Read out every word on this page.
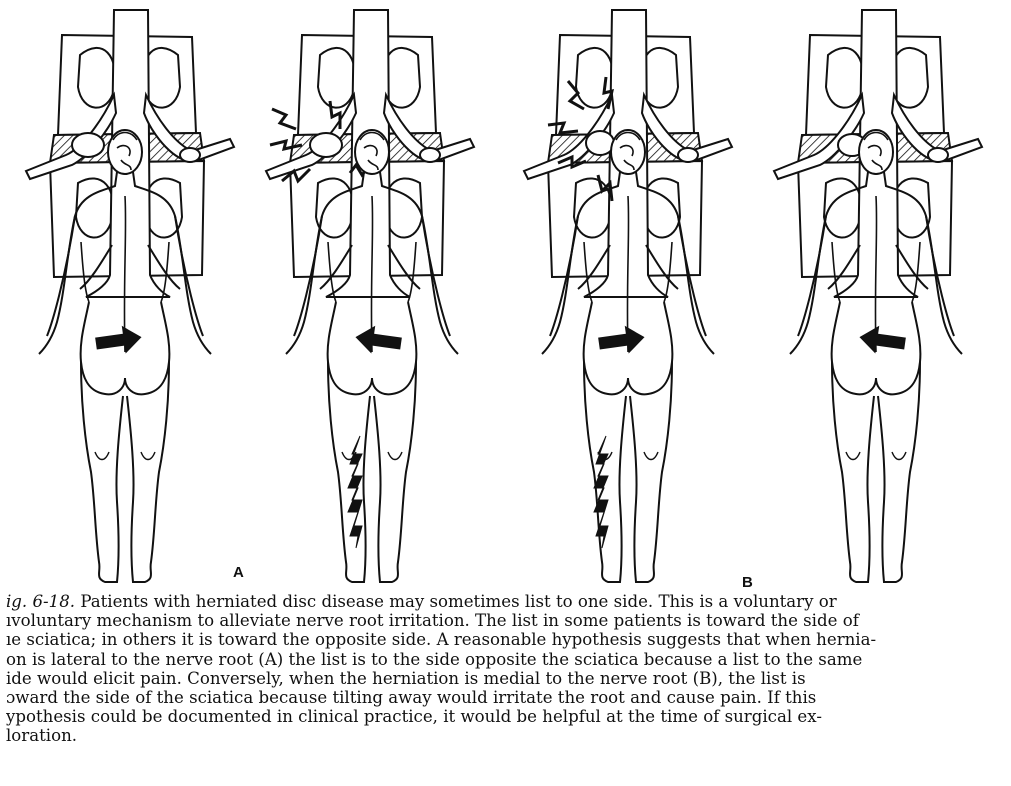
A
B
ig. 6-18. Patients with herniated disc disease may sometimes list to one side. This is a voluntary or
ıvoluntary mechanism to alleviate nerve root irritation. The list in some patients is toward the side of
ıe sciatica; in others it is toward the opposite side. A reasonable hypothesis suggests that when hernia-
on is lateral to the nerve root (A) the list is to the side opposite the sciatica because a list to the same
ide would elicit pain. Conversely, when the herniation is medial to the nerve root (B), the list is
ɔward the side of the sciatica because tilting away would irritate the root and cause pain. If this
ypothesis could be documented in clinical practice, it would be helpful at the time of surgical ex-
loration.
